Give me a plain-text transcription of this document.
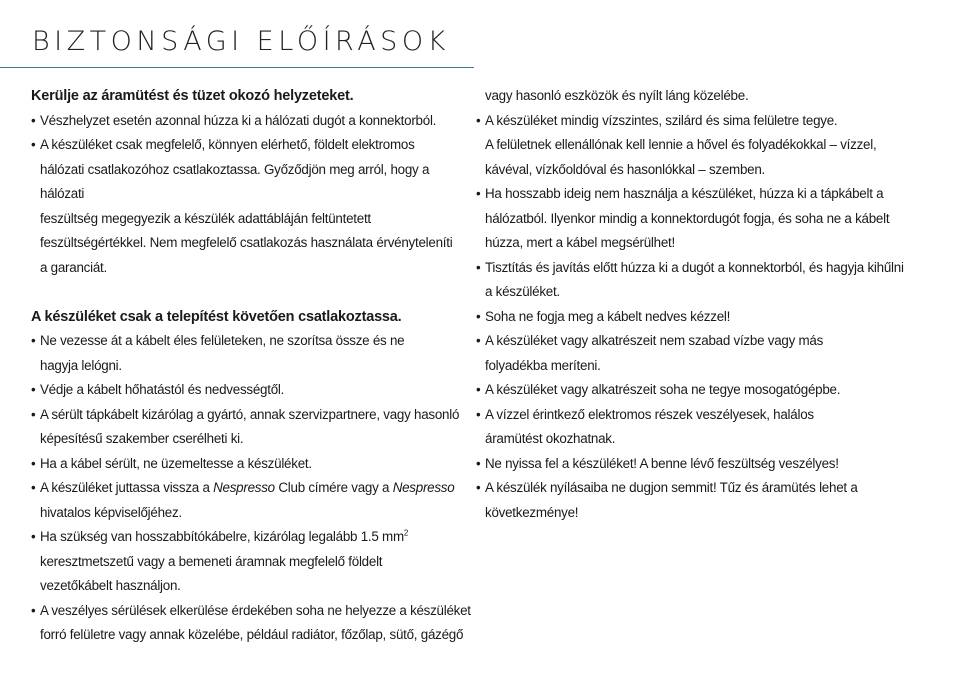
BIZTONSÁGI ELŐÍRÁSOK

Kerülje az áramütést és tüzet okozó helyzeteket.

• Vészhelyzet esetén azonnal húzza ki a hálózati dugót a konnektorból.
• A készüléket csak megfelelő, könnyen elérhető, földelt elektromos
hálózati csatlakozóhoz csatlakoztassa. Győződjön meg arról, hogy a
hálózati
feszültség megegyezik a készülék adattábláján feltüntetett
feszültségértékkel. Nem megfelelő csatlakozás használata érvényteleníti
a garanciát.

A készüléket csak a telepítést követően csatlakoztassa.

• Ne vezesse át a kábelt éles felületeken, ne szorítsa össze és ne
hagyja lelógni.
• Védje a kábelt hőhatástól és nedvességtől.
• A sérült tápkábelt kizárólag a gyártó, annak szervizpartnere, vagy hasonló
képesítésű szakember cserélheti ki.
• Ha a kábel sérült, ne üzemeltesse a készüléket.
• A készüléket juttassa vissza a Nespresso Club címére vagy a Nespresso
hivatalos képviselőjéhez.
• Ha szükség van hosszabbítókábelre, kizárólag legalább 1.5 $mm^2$
keresztmetszetű vagy a bemeneti áramnak megfelelő földelt
vezetőkábelt használjon.
• A veszélyes sérülések elkerülése érdekében soha ne helyezze a készüléket
forró felületre vagy annak közelébe, például radiátor, főzőlap, sütő, gázégő
vagy hasonló eszközök és nyílt láng közelébe.
• A készüléket mindig vízszintes, szilárd és sima felületre tegye.
A felületnek ellenállónak kell lennie a hővel és folyadékokkal – vízzel,
kávéval, vízkőoldóval és hasonlókkal – szemben.
• Ha hosszabb ideig nem használja a készüléket, húzza ki a tápkábelt a
hálózatból. Ilyenkor mindig a konnektordugót fogja, és soha ne a kábelt
húzza, mert a kábel megsérülhet!
• Tisztítás és javítás előtt húzza ki a dugót a konnektorból, és hagyja kihűlni
a készüléket.
• Soha ne fogja meg a kábelt nedves kézzel!
• A készüléket vagy alkatrészeit nem szabad vízbe vagy más
folyadékba meríteni.
• A készüléket vagy alkatrészeit soha ne tegye mosogatógépbe.
• A vízzel érintkező elektromos részek veszélyesek, halálos
áramütést okozhatnak.
• Ne nyissa fel a készüléket! A benne lévő feszültség veszélyes!
• A készülék nyílásaiba ne dugjon semmit! Tűz és áramütés lehet a
következménye!
